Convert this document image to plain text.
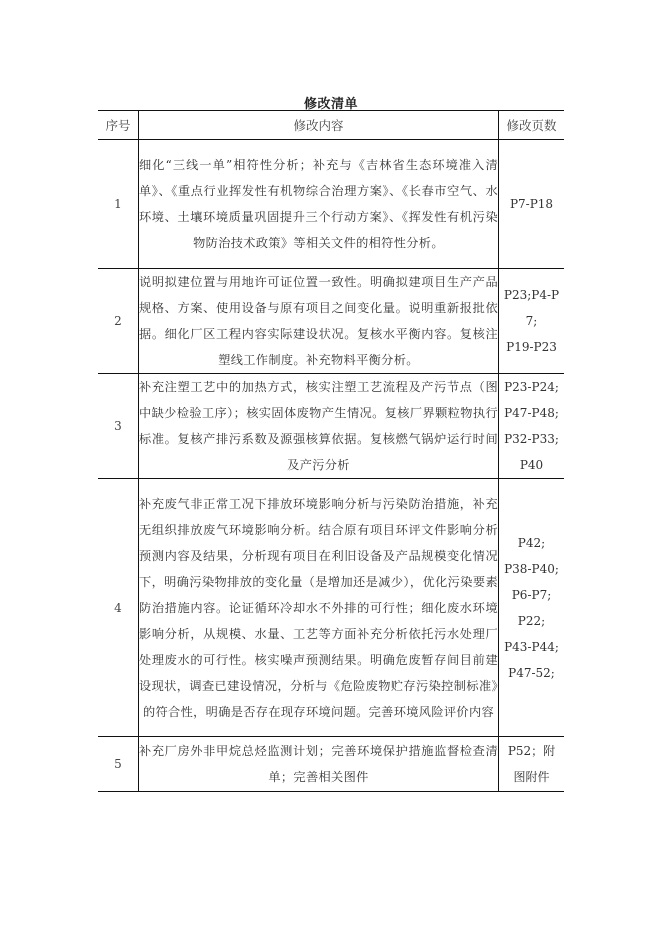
修改清单
序号	修改内容	修改页数
1	细化“三线一单”相符性分析；补充与《吉林省生态环境准入清单》、《重点行业挥发性有机物综合治理方案》、《长春市空气、水环境、土壤环境质量巩固提升三个行动方案》、《挥发性有机污染物防治技术政策》等相关文件的相符性分析。	P7-P18

2	说明拟建位置与用地许可证位置一致性。明确拟建项目生产产品规格、方案、使用设备与原有项目之间变化量。说明重新报批依据。细化厂区工程内容实际建设状况。复核水平衡内容。复核注塑线工作制度。补充物料平衡分析。	P23;P4-P
7;
P19-P23

3	补充注塑工艺中的加热方式，核实注塑工艺流程及产污节点（图中缺少检验工序）；核实固体废物产生情况。复核厂界颗粒物执行标准。复核产排污系数及源强核算依据。复核燃气锅炉运行时间及产污分析	P23-P24;
P47-P48;
P32-P33;
P40

4	补充废气非正常工况下排放环境影响分析与污染防治措施，补充无组织排放废气环境影响分析。结合原有项目环评文件影响分析预测内容及结果，分析现有项目在利旧设备及产品规模变化情况下，明确污染物排放的变化量（是增加还是减少），优化污染要素防治措施内容。论证循环冷却水不外排的可行性；细化废水环境影响分析，从规模、水量、工艺等方面补充分析依托污水处理厂处理废水的可行性。核实噪声预测结果。明确危废暂存间目前建设现状，调查已建设情况，分析与《危险废物贮存污染控制标准》的符合性，明确是否存在现存环境问题。完善环境风险评价内容	
P42;
P38-P40;
P6-P7;
P22;
P43-P44;
P47-52;

5	补充厂房外非甲烷总烃监测计划；完善环境保护措施监督检查清单；完善相关图件	P52；附
图附件
